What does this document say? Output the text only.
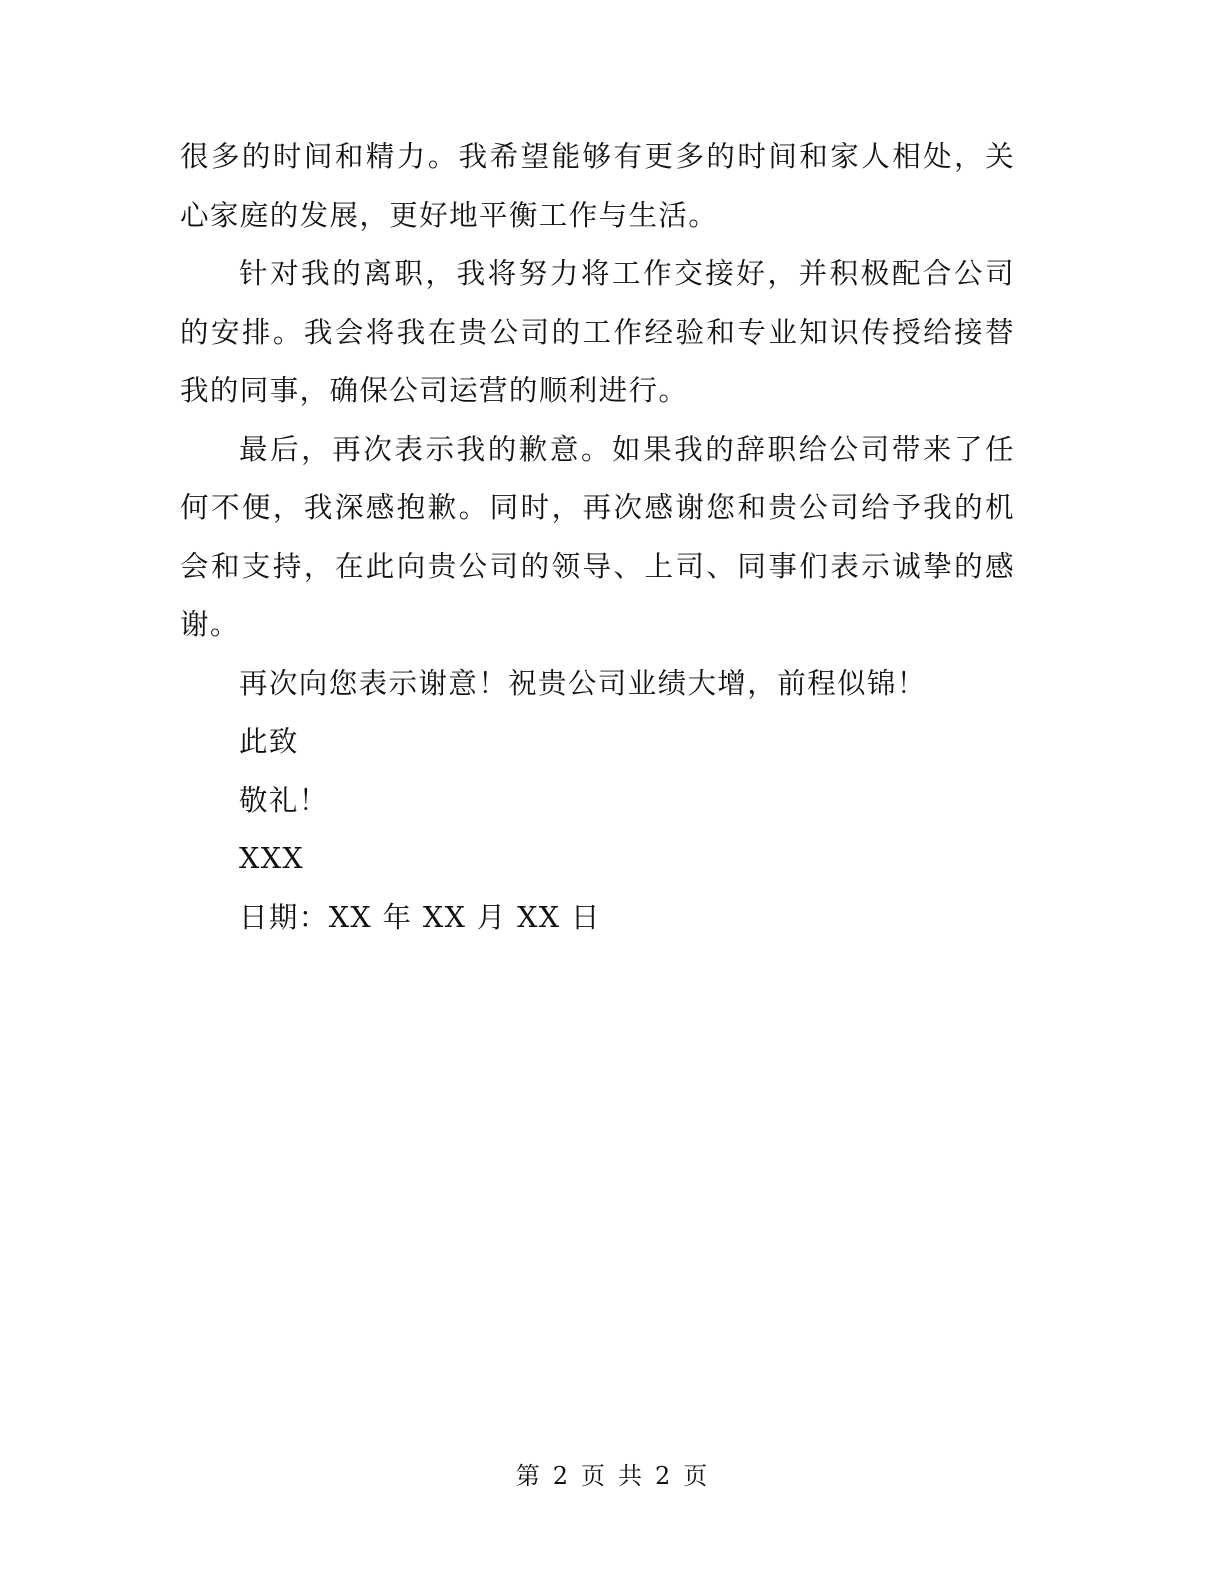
很多的时间和精力。我希望能够有更多的时间和家人相处，关心家庭的发展，更好地平衡工作与生活。

针对我的离职，我将努力将工作交接好，并积极配合公司的安排。我会将我在贵公司的工作经验和专业知识传授给接替我的同事，确保公司运营的顺利进行。

最后，再次表示我的歉意。如果我的辞职给公司带来了任何不便，我深感抱歉。同时，再次感谢您和贵公司给予我的机会和支持，在此向贵公司的领导、上司、同事们表示诚挚的感谢。

再次向您表示谢意！祝贵公司业绩大增，前程似锦！

此致

敬礼！

XXX

日期：XX 年 XX 月 XX 日

第 2 页 共 2 页
